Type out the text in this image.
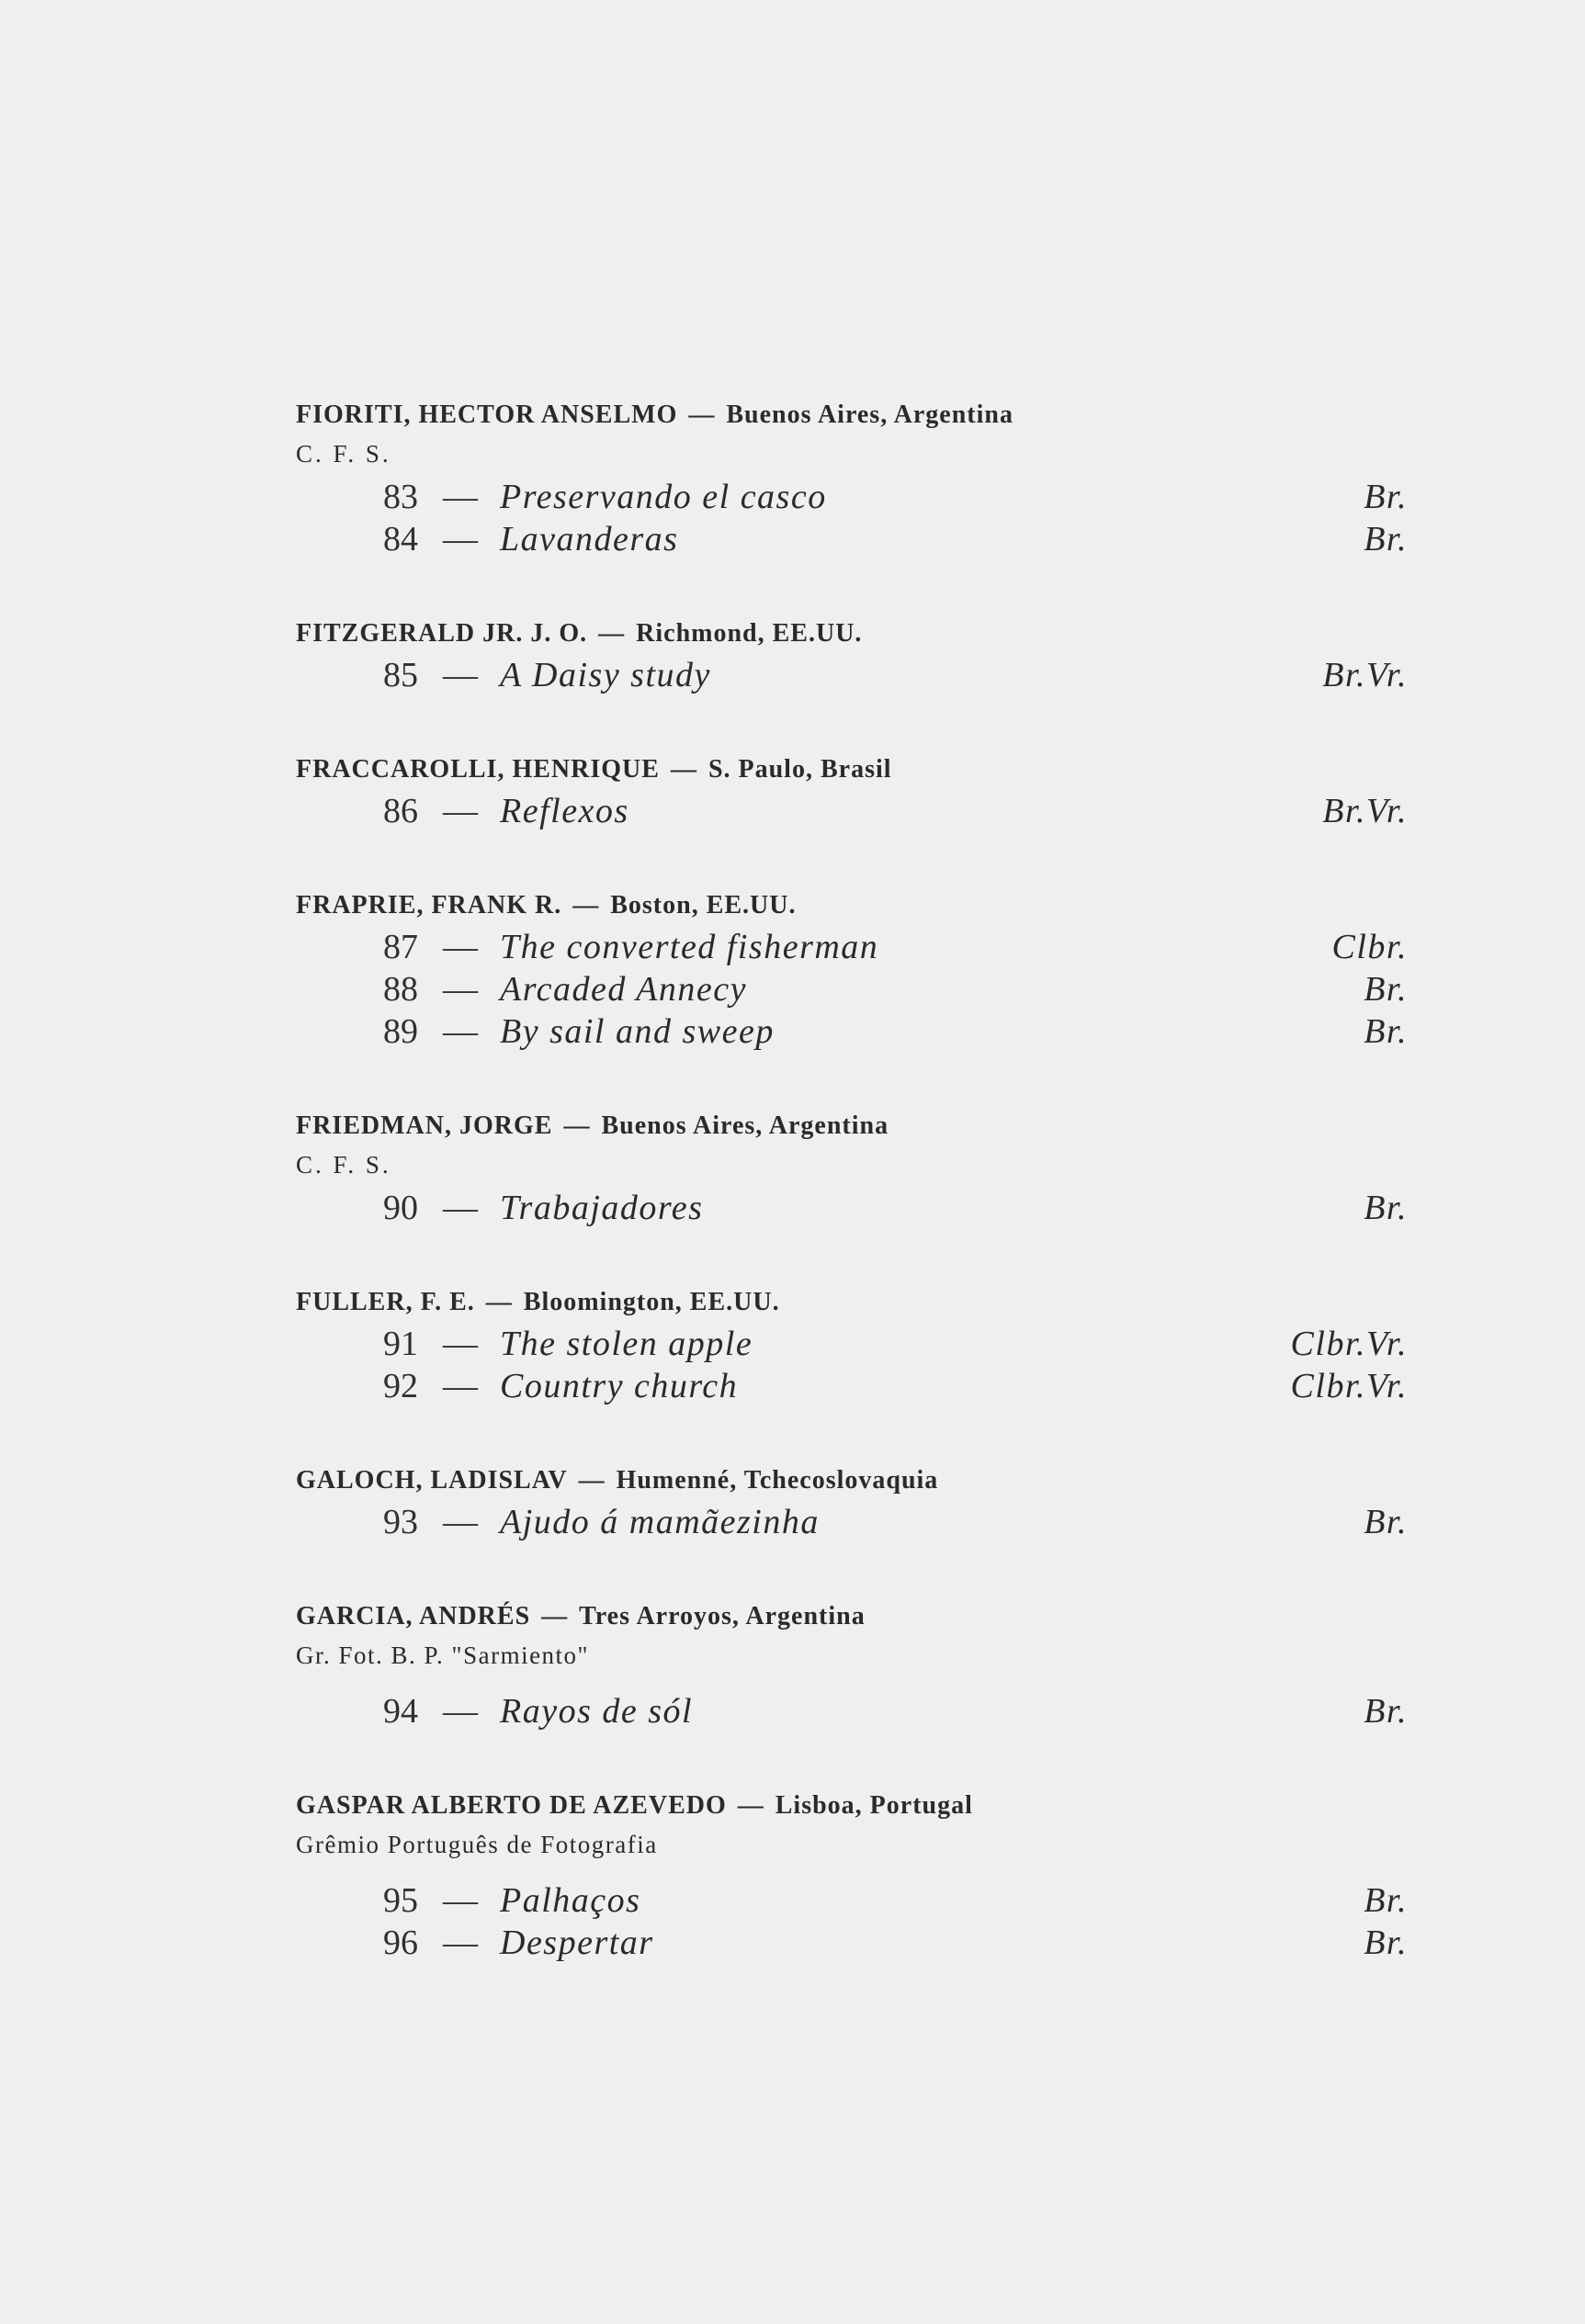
FIORITI, HECTOR ANSELMO — Buenos Aires, Argentina
C. F. S.
83 — Preservando el casco	Br.
84 — Lavanderas	Br.
FITZGERALD JR. J. O. — Richmond, EE.UU.
85 — A Daisy study	Br.Vr.
FRACCAROLLI, HENRIQUE — S. Paulo, Brasil
86 — Reflexos	Br.Vr.
FRAPRIE, FRANK R. — Boston, EE.UU.
87 — The converted fisherman	Clbr.
88 — Arcaded Annecy	Br.
89 — By sail and sweep	Br.
FRIEDMAN, JORGE — Buenos Aires, Argentina
C. F. S.
90 — Trabajadores	Br.
FULLER, F. E. — Bloomington, EE.UU.
91 — The stolen apple	Clbr.Vr.
92 — Country church	Clbr.Vr.
GALOCH, LADISLAV — Humenné, Tchecoslovaquia
93 — Ajudo á mamãezinha	Br.
GARCIA, ANDRÉS — Tres Arroyos, Argentina
Gr. Fot. B. P. "Sarmiento"
94 — Rayos de sól	Br.
GASPAR ALBERTO DE AZEVEDO — Lisboa, Portugal
Grêmio Português de Fotografia
95 — Palhaços	Br.
96 — Despertar	Br.
